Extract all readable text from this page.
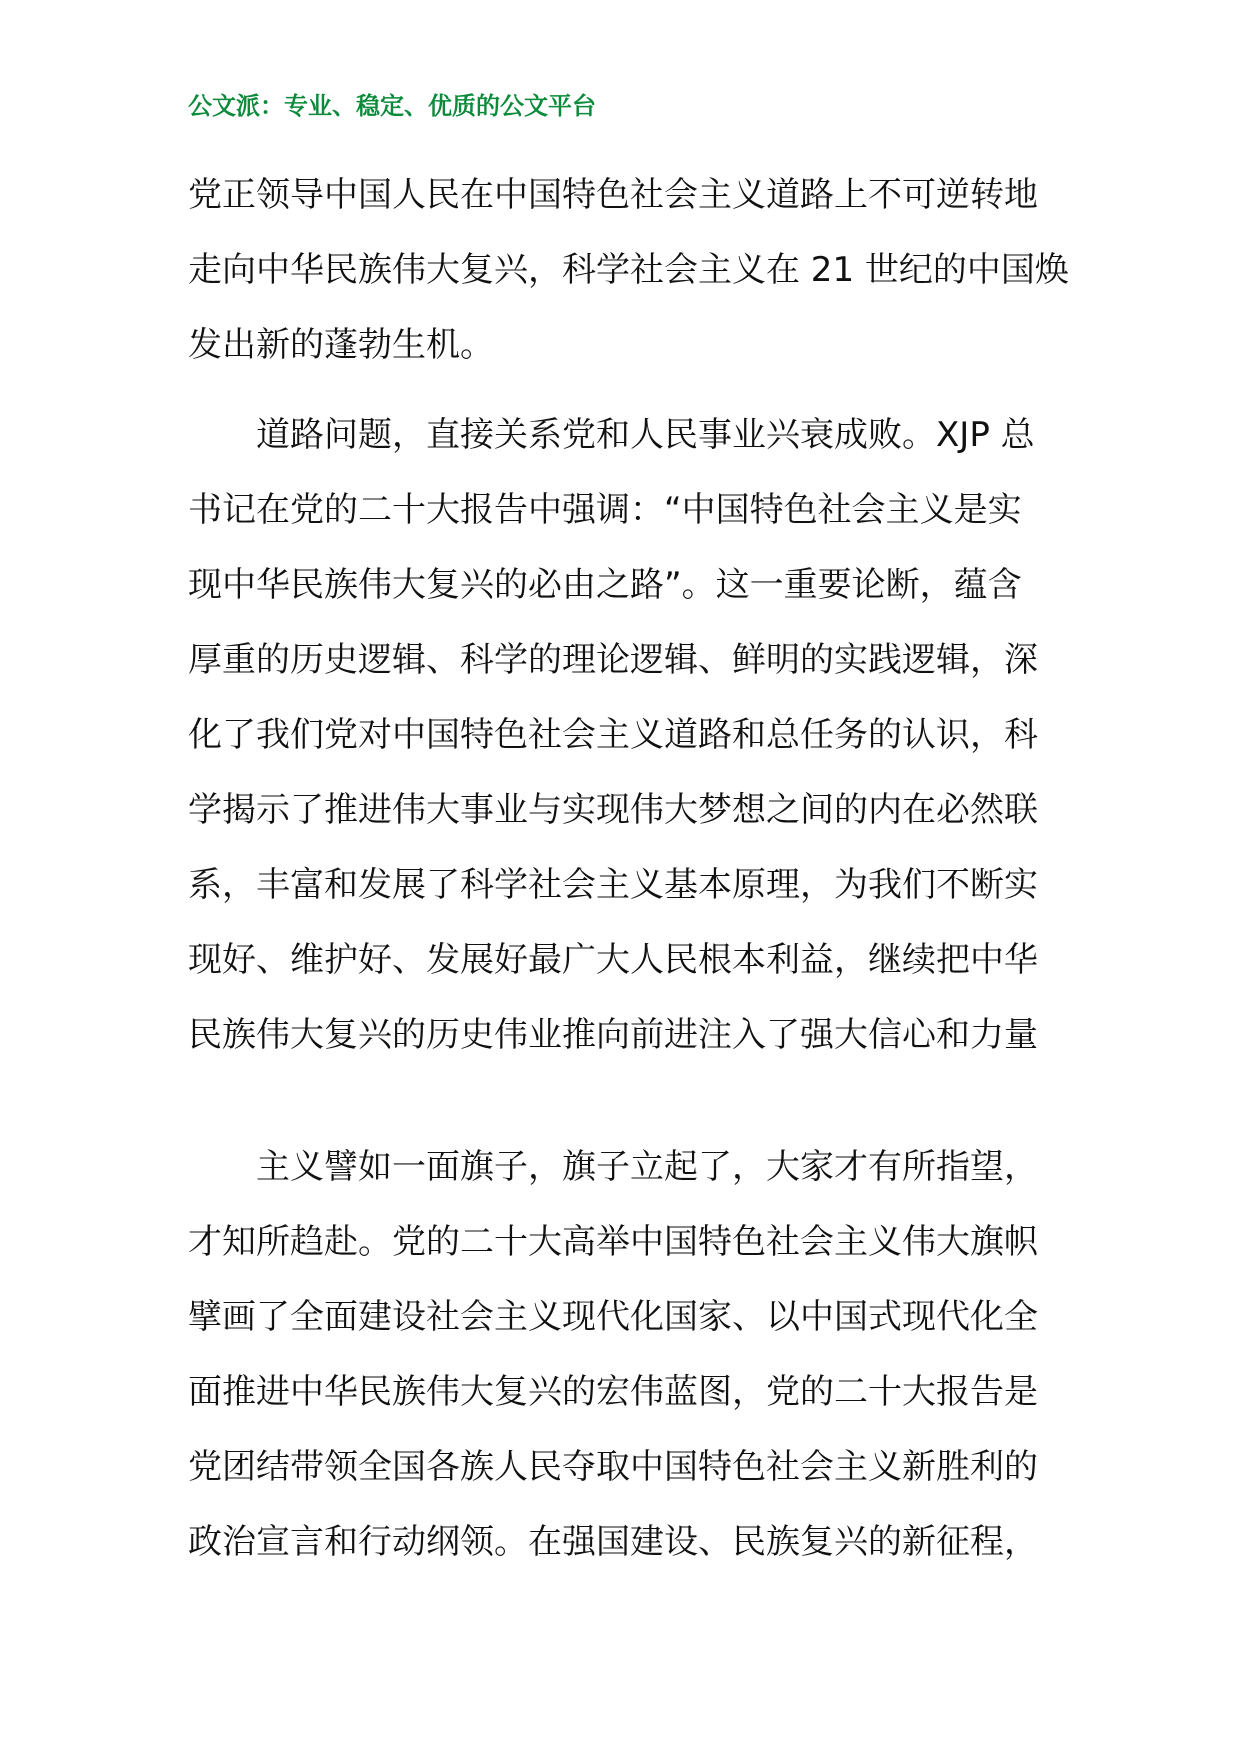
公文派：专业、稳定、优质的公文平台
党正领导中国人民在中国特色社会主义道路上不可逆转地
走向中华民族伟大复兴，科学社会主义在 21 世纪的中国焕
发出新的蓬勃生机。
　　道路问题，直接关系党和人民事业兴衰成败。XJP 总
书记在党的二十大报告中强调：“中国特色社会主义是实
现中华民族伟大复兴的必由之路”。这一重要论断，蕴含
厚重的历史逻辑、科学的理论逻辑、鲜明的实践逻辑，深
化了我们党对中国特色社会主义道路和总任务的认识，科
学揭示了推进伟大事业与实现伟大梦想之间的内在必然联
系，丰富和发展了科学社会主义基本原理，为我们不断实
现好、维护好、发展好最广大人民根本利益，继续把中华
民族伟大复兴的历史伟业推向前进注入了强大信心和力量
　　主义譬如一面旗子，旗子立起了，大家才有所指望，
才知所趋赴。党的二十大高举中国特色社会主义伟大旗帜
擘画了全面建设社会主义现代化国家、以中国式现代化全
面推进中华民族伟大复兴的宏伟蓝图，党的二十大报告是
党团结带领全国各族人民夺取中国特色社会主义新胜利的
政治宣言和行动纲领。在强国建设、民族复兴的新征程，
